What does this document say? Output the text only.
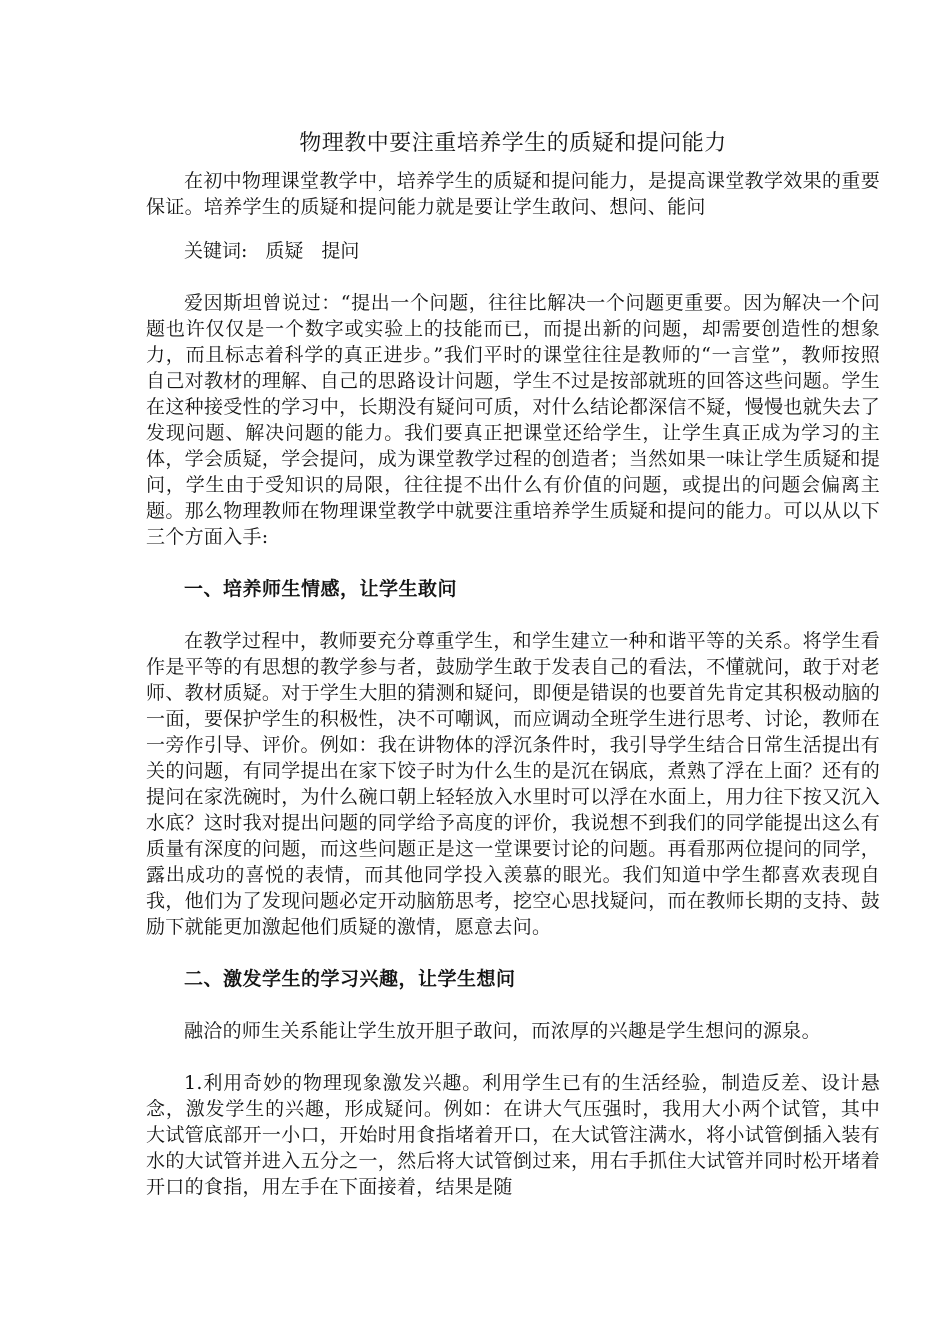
物理教中要注重培养学生的质疑和提问能力

在初中物理课堂教学中，培养学生的质疑和提问能力，是提高课堂教学效果的重要保证。培养学生的质疑和提问能力就是要让学生敢问、想问、能问

关键词: 质疑 提问

爱因斯坦曾说过：“提出一个问题，往往比解决一个问题更重要。因为解决一个问题也许仅仅是一个数字或实验上的技能而已，而提出新的问题，却需要创造性的想象力，而且标志着科学的真正进步。”我们平时的课堂往往是教师的“一言堂”，教师按照自己对教材的理解、自己的思路设计问题，学生不过是按部就班的回答这些问题。学生在这种接受性的学习中，长期没有疑问可质，对什么结论都深信不疑，慢慢也就失去了发现问题、解决问题的能力。我们要真正把课堂还给学生，让学生真正成为学习的主体，学会质疑，学会提问，成为课堂教学过程的创造者；当然如果一味让学生质疑和提问，学生由于受知识的局限，往往提不出什么有价值的问题，或提出的问题会偏离主题。那么物理教师在物理课堂教学中就要注重培养学生质疑和提问的能力。可以从以下三个方面入手:

一、培养师生情感，让学生敢问

在教学过程中，教师要充分尊重学生，和学生建立一种和谐平等的关系。将学生看作是平等的有思想的教学参与者，鼓励学生敢于发表自己的看法，不懂就问，敢于对老师、教材质疑。对于学生大胆的猜测和疑问，即便是错误的也要首先肯定其积极动脑的一面，要保护学生的积极性，决不可嘲讽，而应调动全班学生进行思考、讨论，教师在一旁作引导、评价。例如：我在讲物体的浮沉条件时，我引导学生结合日常生活提出有关的问题，有同学提出在家下饺子时为什么生的是沉在锅底，煮熟了浮在上面？还有的提问在家洗碗时，为什么碗口朝上轻轻放入水里时可以浮在水面上，用力往下按又沉入水底？这时我对提出问题的同学给予高度的评价，我说想不到我们的同学能提出这么有质量有深度的问题，而这些问题正是这一堂课要讨论的问题。再看那两位提问的同学，露出成功的喜悦的表情，而其他同学投入羡慕的眼光。我们知道中学生都喜欢表现自我，他们为了发现问题必定开动脑筋思考，挖空心思找疑问，而在教师长期的支持、鼓励下就能更加激起他们质疑的激情，愿意去问。

二、激发学生的学习兴趣，让学生想问

融洽的师生关系能让学生放开胆子敢问，而浓厚的兴趣是学生想问的源泉。

1.利用奇妙的物理现象激发兴趣。利用学生已有的生活经验，制造反差、设计悬念，激发学生的兴趣，形成疑问。例如：在讲大气压强时，我用大小两个试管，其中 大试管底部开一小口，开始时用食指堵着开口，在大试管注满水，将小试管倒插入装有水的大试管并进入五分之一，然后将大试管倒过来，用右手抓住大试管并同时松开堵着开口的食指，用左手在下面接着，结果是随
